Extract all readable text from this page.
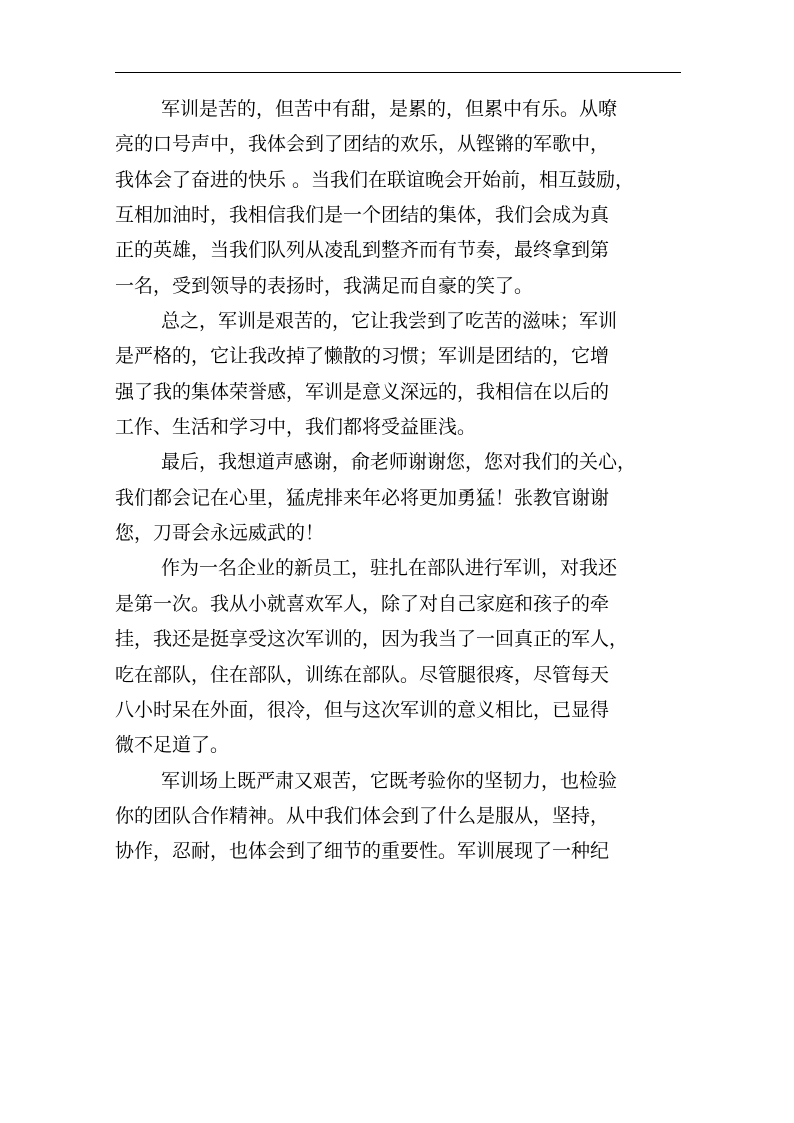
军训是苦的，但苦中有甜，是累的，但累中有乐。从嘹
亮的口号声中，我体会到了团结的欢乐，从铿锵的军歌中，
我体会了奋进的快乐 。当我们在联谊晚会开始前，相互鼓励，
互相加油时，我相信我们是一个团结的集体，我们会成为真
正的英雄，当我们队列从凌乱到整齐而有节奏，最终拿到第
一名，受到领导的表扬时，我满足而自豪的笑了。
总之，军训是艰苦的，它让我尝到了吃苦的滋味；军训
是严格的，它让我改掉了懒散的习惯；军训是团结的，它增
强了我的集体荣誉感，军训是意义深远的，我相信在以后的
工作、生活和学习中，我们都将受益匪浅。
最后，我想道声感谢，俞老师谢谢您，您对我们的关心，
我们都会记在心里，猛虎排来年必将更加勇猛！张教官谢谢
您，刀哥会永远威武的！
作为一名企业的新员工，驻扎在部队进行军训，对我还
是第一次。我从小就喜欢军人，除了对自己家庭和孩子的牵
挂，我还是挺享受这次军训的，因为我当了一回真正的军人，
吃在部队，住在部队，训练在部队。尽管腿很疼，尽管每天
八小时呆在外面，很冷，但与这次军训的意义相比，已显得
微不足道了。
军训场上既严肃又艰苦，它既考验你的坚韧力，也检验
你的团队合作精神。从中我们体会到了什么是服从，坚持，
协作，忍耐，也体会到了细节的重要性。军训展现了一种纪
